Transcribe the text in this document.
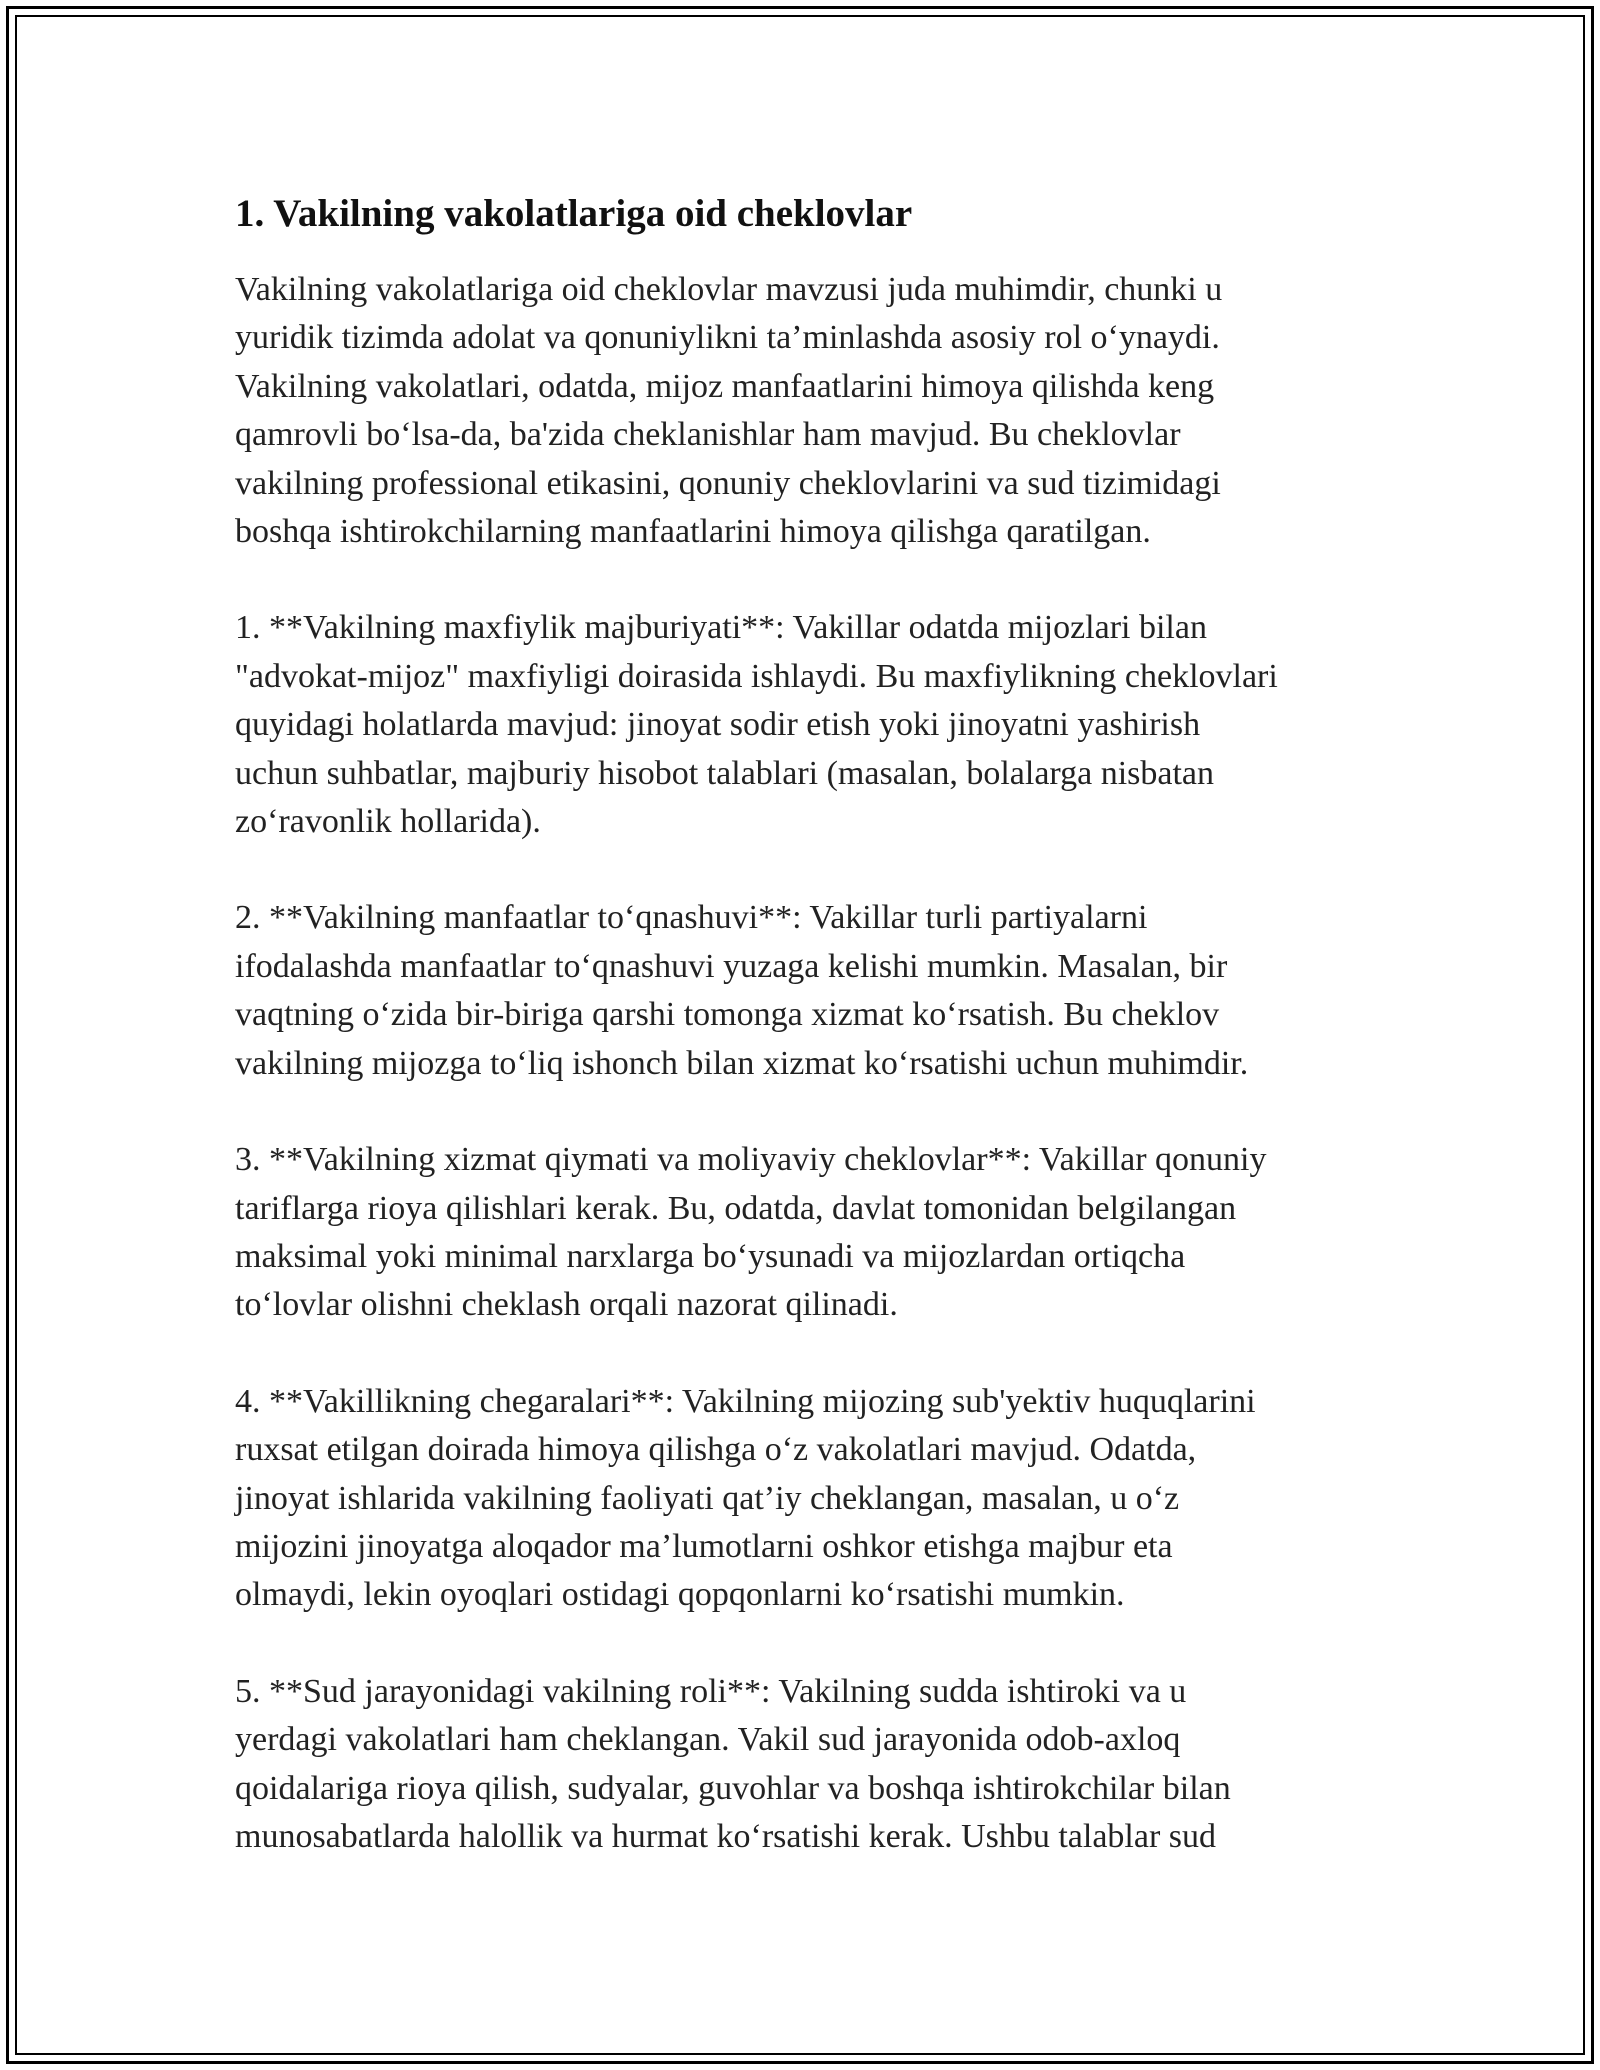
1. Vakilning vakolatlariga oid cheklovlar

Vakilning vakolatlariga oid cheklovlar mavzusi juda muhimdir, chunki u
yuridik tizimda adolat va qonuniylikni ta’minlashda asosiy rol o‘ynaydi.
Vakilning vakolatlari, odatda, mijoz manfaatlarini himoya qilishda keng
qamrovli bo‘lsa-da, ba'zida cheklanishlar ham mavjud. Bu cheklovlar
vakilning professional etikasini, qonuniy cheklovlarini va sud tizimidagi
boshqa ishtirokchilarning manfaatlarini himoya qilishga qaratilgan.

1. **Vakilning maxfiylik majburiyati**: Vakillar odatda mijozlari bilan
"advokat-mijoz" maxfiyligi doirasida ishlaydi. Bu maxfiylikning cheklovlari
quyidagi holatlarda mavjud: jinoyat sodir etish yoki jinoyatni yashirish
uchun suhbatlar, majburiy hisobot talablari (masalan, bolalarga nisbatan
zo‘ravonlik hollarida).

2. **Vakilning manfaatlar to‘qnashuvi**: Vakillar turli partiyalarni
ifodalashda manfaatlar to‘qnashuvi yuzaga kelishi mumkin. Masalan, bir
vaqtning o‘zida bir-biriga qarshi tomonga xizmat ko‘rsatish. Bu cheklov
vakilning mijozga to‘liq ishonch bilan xizmat ko‘rsatishi uchun muhimdir.

3. **Vakilning xizmat qiymati va moliyaviy cheklovlar**: Vakillar qonuniy
tariflarga rioya qilishlari kerak. Bu, odatda, davlat tomonidan belgilangan
maksimal yoki minimal narxlarga bo‘ysunadi va mijozlardan ortiqcha
to‘lovlar olishni cheklash orqali nazorat qilinadi.

4. **Vakillikning chegaralari**: Vakilning mijozing sub'yektiv huquqlarini
ruxsat etilgan doirada himoya qilishga o‘z vakolatlari mavjud. Odatda,
jinoyat ishlarida vakilning faoliyati qat’iy cheklangan, masalan, u o‘z
mijozini jinoyatga aloqador ma’lumotlarni oshkor etishga majbur eta
olmaydi, lekin oyoqlari ostidagi qopqonlarni ko‘rsatishi mumkin.

5. **Sud jarayonidagi vakilning roli**: Vakilning sudda ishtiroki va u
yerdagi vakolatlari ham cheklangan. Vakil sud jarayonida odob-axloq
qoidalariga rioya qilish, sudyalar, guvohlar va boshqa ishtirokchilar bilan
munosabatlarda halollik va hurmat ko‘rsatishi kerak. Ushbu talablar sud
